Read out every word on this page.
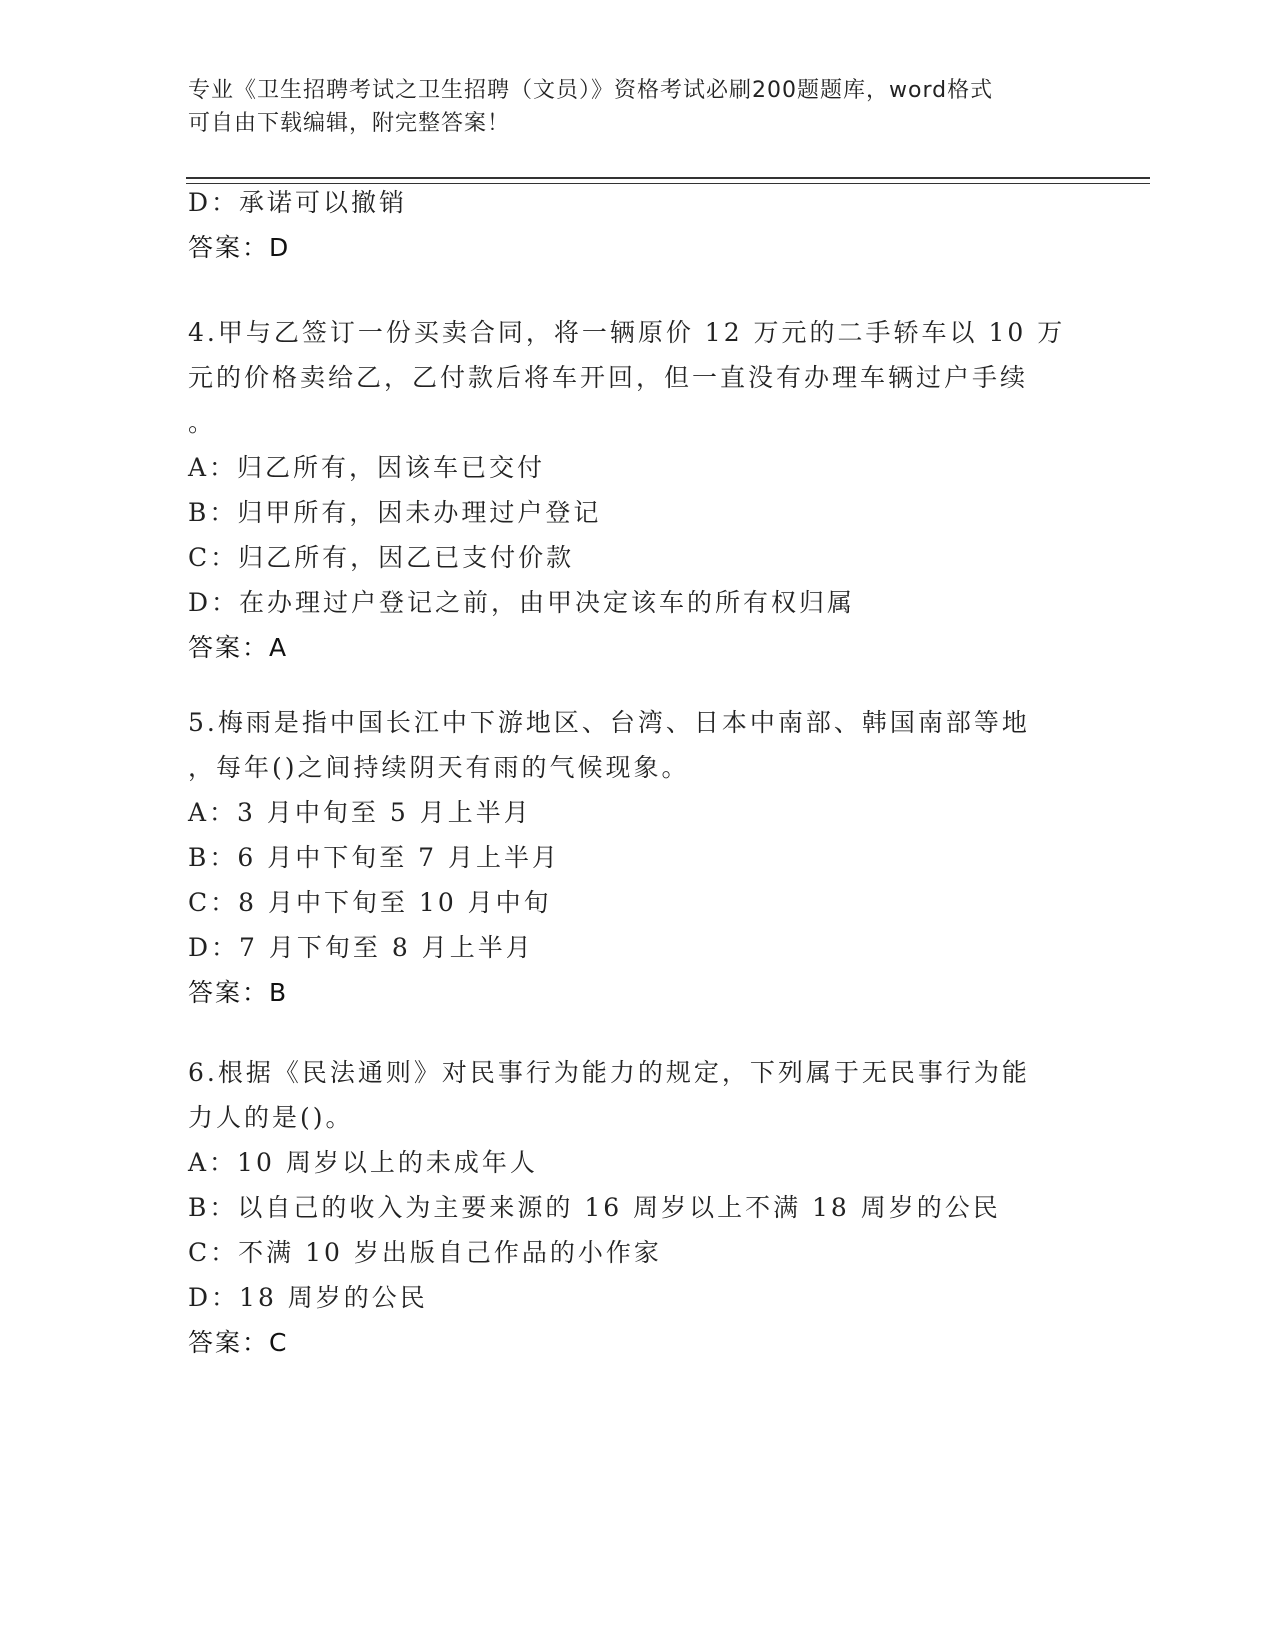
专业《卫生招聘考试之卫生招聘（文员）》资格考试必刷200题题库，word格式
可自由下载编辑，附完整答案！
D：承诺可以撤销
答案：D
4.甲与乙签订一份买卖合同，将一辆原价 12 万元的二手轿车以 10 万
元的价格卖给乙，乙付款后将车开回，但一直没有办理车辆过户手续
。
A：归乙所有，因该车已交付
B：归甲所有，因未办理过户登记
C：归乙所有，因乙已支付价款
D：在办理过户登记之前，由甲决定该车的所有权归属
答案：A
5.梅雨是指中国长江中下游地区、台湾、日本中南部、韩国南部等地
，每年()之间持续阴天有雨的气候现象。
A：3 月中旬至 5 月上半月
B：6 月中下旬至 7 月上半月
C：8 月中下旬至 10 月中旬
D：7 月下旬至 8 月上半月
答案：B
6.根据《民法通则》对民事行为能力的规定，下列属于无民事行为能
力人的是()。
A：10 周岁以上的未成年人
B：以自己的收入为主要来源的 16 周岁以上不满 18 周岁的公民
C：不满 10 岁出版自己作品的小作家
D：18 周岁的公民
答案：C
